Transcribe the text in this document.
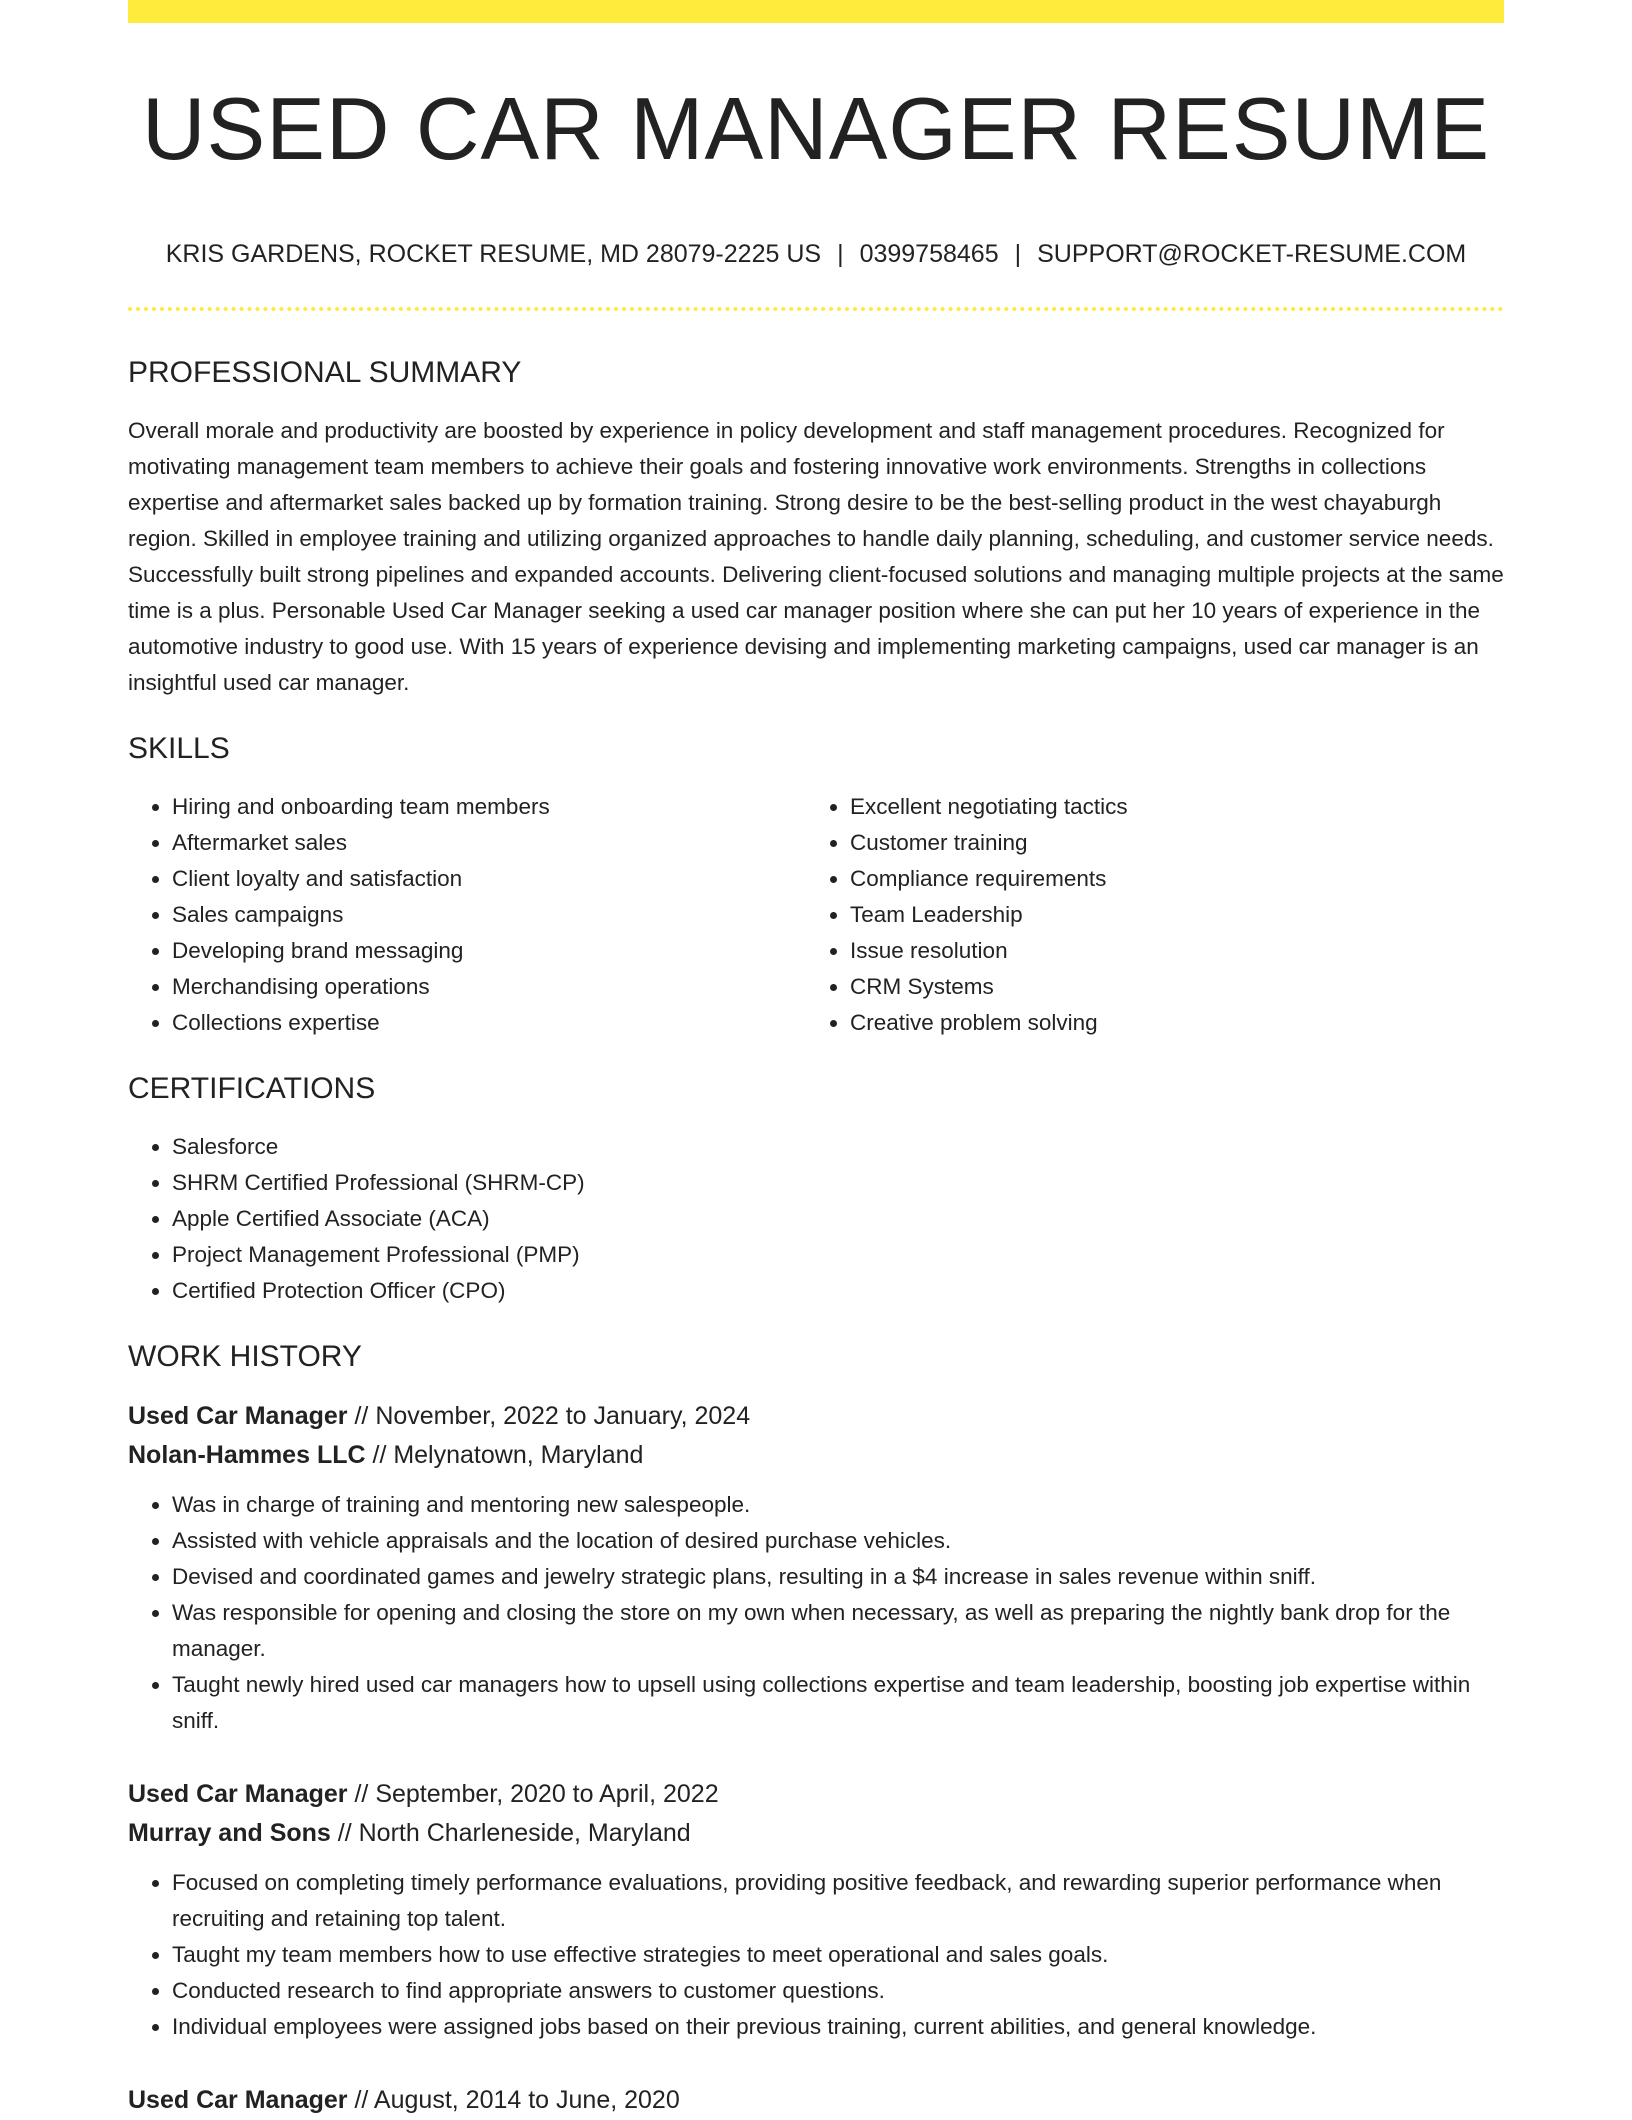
USED CAR MANAGER RESUME
KRIS GARDENS, ROCKET RESUME, MD 28079-2225 US | 0399758465 | SUPPORT@ROCKET-RESUME.COM
PROFESSIONAL SUMMARY

Overall morale and productivity are boosted by experience in policy development and staff management procedures. Recognized for motivating management team members to achieve their goals and fostering innovative work environments. Strengths in collections expertise and aftermarket sales backed up by formation training. Strong desire to be the best-selling product in the west chayaburgh region. Skilled in employee training and utilizing organized approaches to handle daily planning, scheduling, and customer service needs. Successfully built strong pipelines and expanded accounts. Delivering client-focused solutions and managing multiple projects at the same time is a plus. Personable Used Car Manager seeking a used car manager position where she can put her 10 years of experience in the automotive industry to good use. With 15 years of experience devising and implementing marketing campaigns, used car manager is an insightful used car manager.

SKILLS
• Hiring and onboarding team members
• Aftermarket sales
• Client loyalty and satisfaction
• Sales campaigns
• Developing brand messaging
• Merchandising operations
• Collections expertise
• Excellent negotiating tactics
• Customer training
• Compliance requirements
• Team Leadership
• Issue resolution
• CRM Systems
• Creative problem solving
CERTIFICATIONS
• Salesforce
• SHRM Certified Professional (SHRM-CP)
• Apple Certified Associate (ACA)
• Project Management Professional (PMP)
• Certified Protection Officer (CPO)
WORK HISTORY
Used Car Manager // November, 2022 to January, 2024
Nolan-Hammes LLC // Melynatown, Maryland
• Was in charge of training and mentoring new salespeople.
• Assisted with vehicle appraisals and the location of desired purchase vehicles.
• Devised and coordinated games and jewelry strategic plans, resulting in a $4 increase in sales revenue within sniff.
• Was responsible for opening and closing the store on my own when necessary, as well as preparing the nightly bank drop for the manager.
• Taught newly hired used car managers how to upsell using collections expertise and team leadership, boosting job expertise within sniff.
Used Car Manager // September, 2020 to April, 2022
Murray and Sons // North Charleneside, Maryland
• Focused on completing timely performance evaluations, providing positive feedback, and rewarding superior performance when recruiting and retaining top talent.
• Taught my team members how to use effective strategies to meet operational and sales goals.
• Conducted research to find appropriate answers to customer questions.
• Individual employees were assigned jobs based on their previous training, current abilities, and general knowledge.
Used Car Manager // August, 2014 to June, 2020
